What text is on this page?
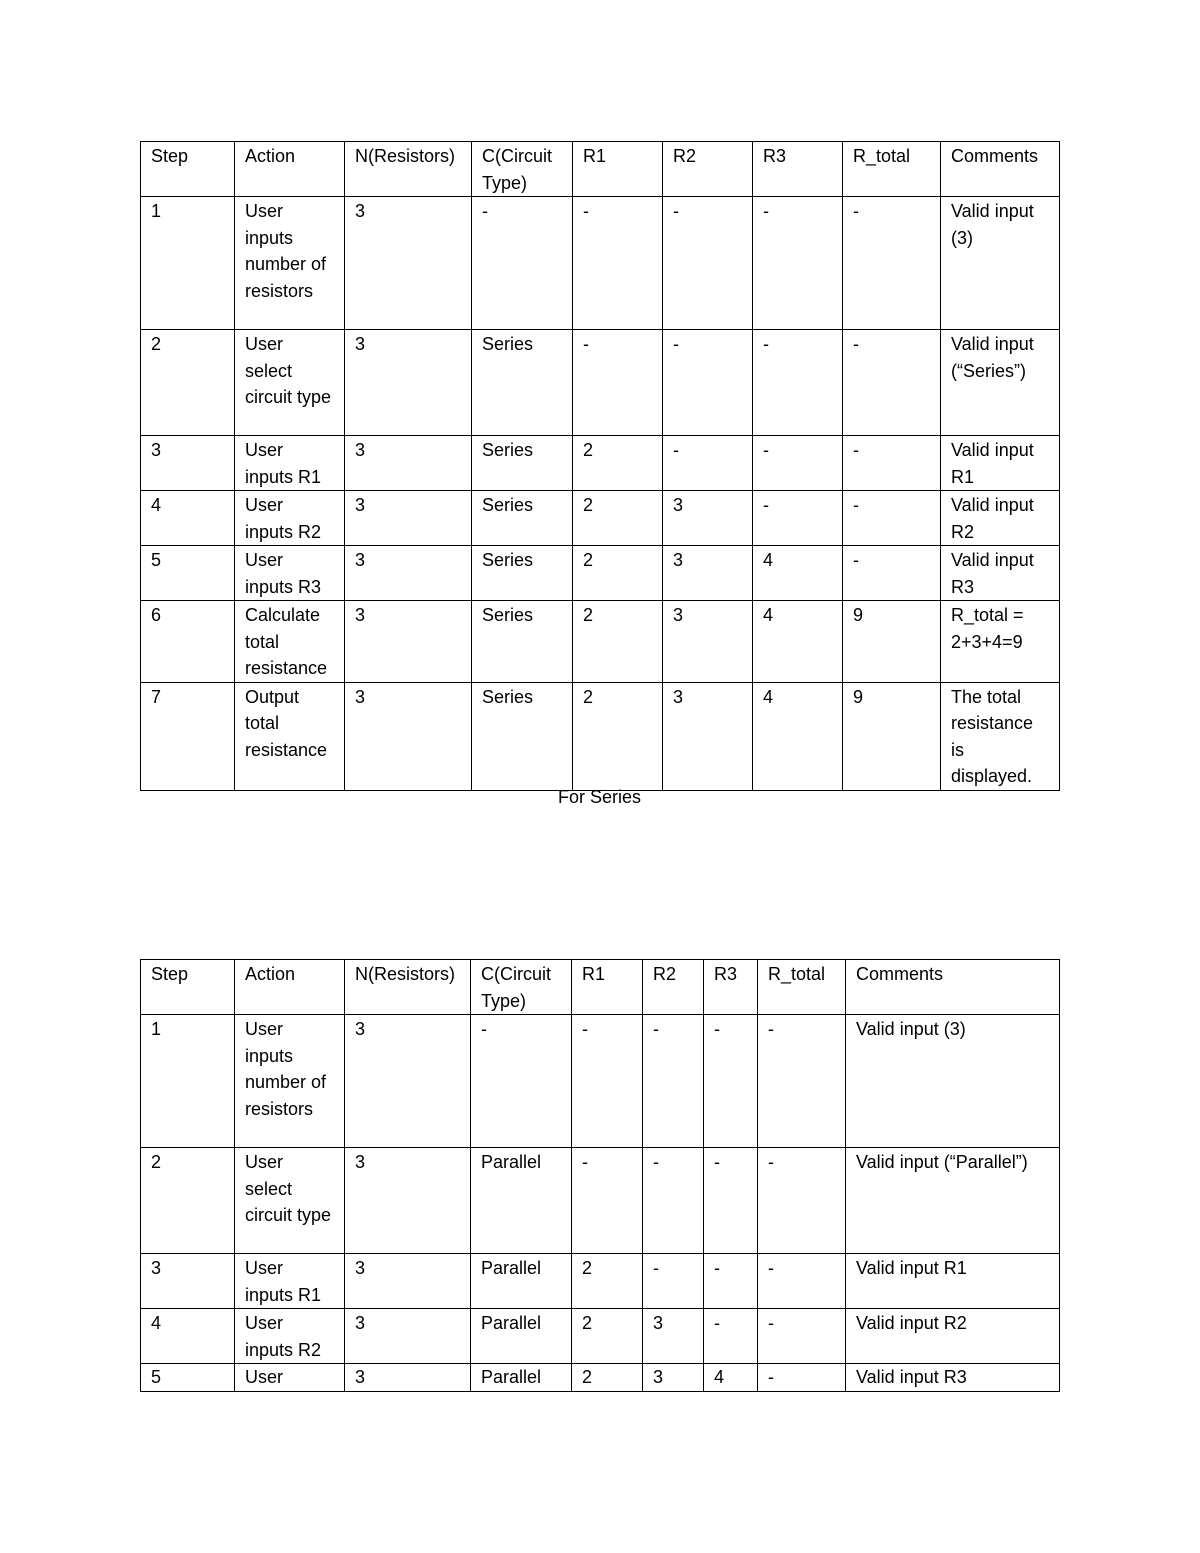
Step	Action	N(Resistors)	C(Circuit Type)	R1	R2	R3	R_total	Comments
1	User inputs number of resistors	3	-	-	-	-	-	Valid input (3)
2	User select circuit type	3	Series	-	-	-	-	Valid input (“Series”)
3	User inputs R1	3	Series	2	-	-	-	Valid input R1
4	User inputs R2	3	Series	2	3	-	-	Valid input R2
5	User inputs R3	3	Series	2	3	4	-	Valid input R3
6	Calculate total resistance	3	Series	2	3	4	9	R_total = 2+3+4=9
7	Output total resistance	3	Series	2	3	4	9	The total resistance is displayed.
For Series
Step	Action	N(Resistors)	C(Circuit Type)	R1	R2	R3	R_total	Comments
1	User inputs number of resistors	3	-	-	-	-	-	Valid input (3)
2	User select circuit type	3	Parallel	-	-	-	-	Valid input (“Parallel”)
3	User inputs R1	3	Parallel	2	-	-	-	Valid input R1
4	User inputs R2	3	Parallel	2	3	-	-	Valid input R2
5	User	3	Parallel	2	3	4	-	Valid input R3
